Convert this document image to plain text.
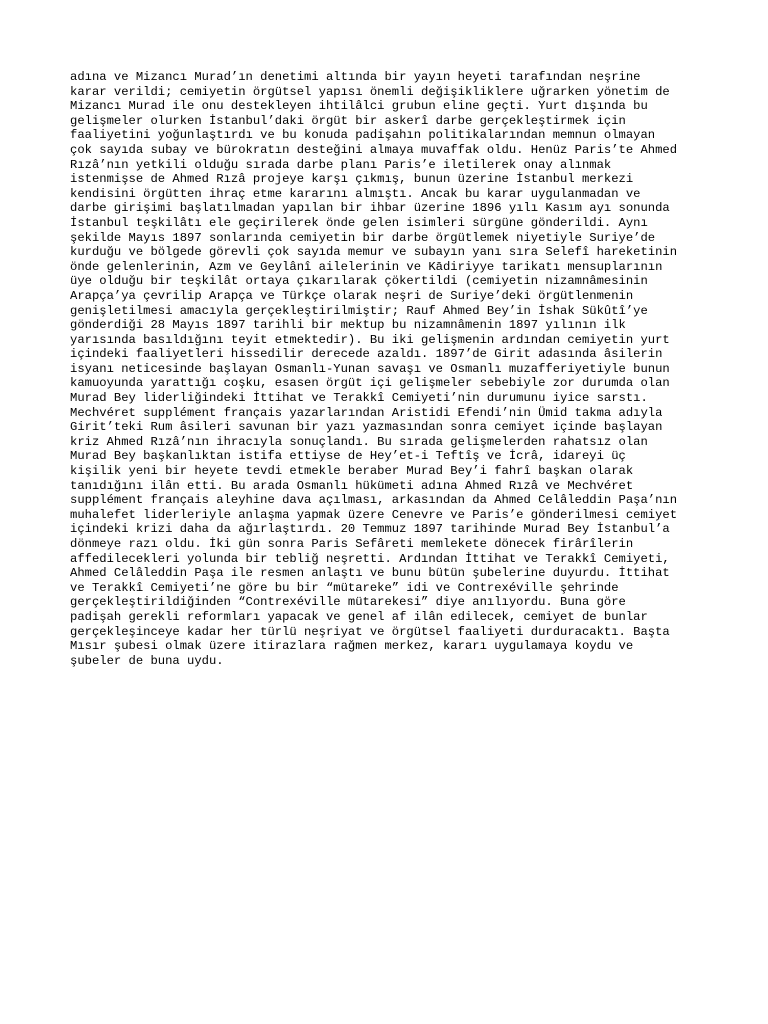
adına ve Mizancı Murad’ın denetimi altında bir yayın heyeti tarafından neşrine
karar verildi; cemiyetin örgütsel yapısı önemli değişikliklere uğrarken yönetim de
Mizancı Murad ile onu destekleyen ihtilâlci grubun eline geçti. Yurt dışında bu
gelişmeler olurken İstanbul’daki örgüt bir askerî darbe gerçekleştirmek için
faaliyetini yoğunlaştırdı ve bu konuda padişahın politikalarından memnun olmayan
çok sayıda subay ve bürokratın desteğini almaya muvaffak oldu. Henüz Paris’te Ahmed
Rızâ’nın yetkili olduğu sırada darbe planı Paris’e iletilerek onay alınmak
istenmişse de Ahmed Rızâ projeye karşı çıkmış, bunun üzerine İstanbul merkezi
kendisini örgütten ihraç etme kararını almıştı. Ancak bu karar uygulanmadan ve
darbe girişimi başlatılmadan yapılan bir ihbar üzerine 1896 yılı Kasım ayı sonunda
İstanbul teşkilâtı ele geçirilerek önde gelen isimleri sürgüne gönderildi. Aynı
şekilde Mayıs 1897 sonlarında cemiyetin bir darbe örgütlemek niyetiyle Suriye’de
kurduğu ve bölgede görevli çok sayıda memur ve subayın yanı sıra Selefî hareketinin
önde gelenlerinin, Azm ve Geylânî ailelerinin ve Kādiriyye tarikatı mensuplarının
üye olduğu bir teşkilât ortaya çıkarılarak çökertildi (cemiyetin nizamnâmesinin
Arapça’ya çevrilip Arapça ve Türkçe olarak neşri de Suriye’deki örgütlenmenin
genişletilmesi amacıyla gerçekleştirilmiştir; Rauf Ahmed Bey’in İshak Sükûtî’ye
gönderdiği 28 Mayıs 1897 tarihli bir mektup bu nizamnâmenin 1897 yılının ilk
yarısında basıldığını teyit etmektedir). Bu iki gelişmenin ardından cemiyetin yurt
içindeki faaliyetleri hissedilir derecede azaldı. 1897’de Girit adasında âsilerin
isyanı neticesinde başlayan Osmanlı-Yunan savaşı ve Osmanlı muzafferiyetiyle bunun
kamuoyunda yarattığı coşku, esasen örgüt içi gelişmeler sebebiyle zor durumda olan
Murad Bey liderliğindeki İttihat ve Terakkî Cemiyeti’nin durumunu iyice sarstı.
Mechvéret supplément français yazarlarından Aristidi Efendi’nin Ümid takma adıyla
Girit’teki Rum âsileri savunan bir yazı yazmasından sonra cemiyet içinde başlayan
kriz Ahmed Rızâ’nın ihracıyla sonuçlandı. Bu sırada gelişmelerden rahatsız olan
Murad Bey başkanlıktan istifa ettiyse de Hey’et-i Teftîş ve İcrâ, idareyi üç
kişilik yeni bir heyete tevdi etmekle beraber Murad Bey’i fahrî başkan olarak
tanıdığını ilân etti. Bu arada Osmanlı hükümeti adına Ahmed Rızâ ve Mechvéret
supplément français aleyhine dava açılması, arkasından da Ahmed Celâleddin Paşa’nın
muhalefet liderleriyle anlaşma yapmak üzere Cenevre ve Paris’e gönderilmesi cemiyet
içindeki krizi daha da ağırlaştırdı. 20 Temmuz 1897 tarihinde Murad Bey İstanbul’a
dönmeye razı oldu. İki gün sonra Paris Sefâreti memlekete dönecek firârîlerin
affedilecekleri yolunda bir tebliğ neşretti. Ardından İttihat ve Terakkî Cemiyeti,
Ahmed Celâleddin Paşa ile resmen anlaştı ve bunu bütün şubelerine duyurdu. İttihat
ve Terakkî Cemiyeti’ne göre bu bir “mütareke” idi ve Contrexéville şehrinde
gerçekleştirildiğinden “Contrexéville mütarekesi” diye anılıyordu. Buna göre
padişah gerekli reformları yapacak ve genel af ilân edilecek, cemiyet de bunlar
gerçekleşinceye kadar her türlü neşriyat ve örgütsel faaliyeti durduracaktı. Başta
Mısır şubesi olmak üzere itirazlara rağmen merkez, kararı uygulamaya koydu ve
şubeler de buna uydu.
